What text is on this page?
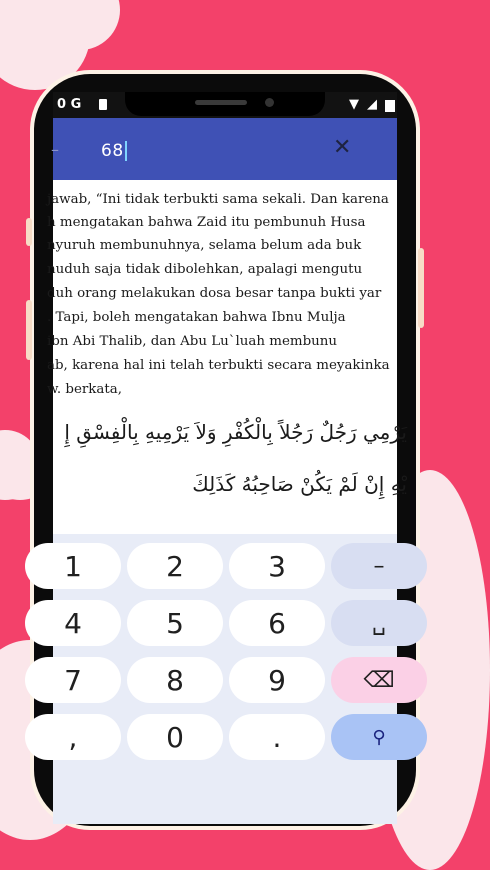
0 G	▼ ◢
– 68	✕
jawab, “Ini tidak terbukti sama sekali. Dan karena
h mengatakan bahwa Zaid itu pembunuh Husa
nyuruh membunuhnya, selama belum ada buk
nuduh saja tidak dibolehkan, apalagi mengutu
duh orang melakukan dosa besar tanpa bukti yar
. Tapi, boleh mengatakan bahwa Ibnu Mulja
ibn Abi Thalib, dan Abu Lu`luah membunu
ab, karena hal ini telah terbukti secara meyakinka
w. berkata,
يَرْمِي رَجُلٌ رَجُلاً بِالْكُفْرِ وَلاَ يَرْمِيهِ بِالْفِسْقِ إِ
يْهِ إِنْ لَمْ يَكُنْ صَاحِبُهُ كَذَلِكَ
1	2	3	–
4	5	6	␣
7	8	9	⌫
,	0	.	⚲
